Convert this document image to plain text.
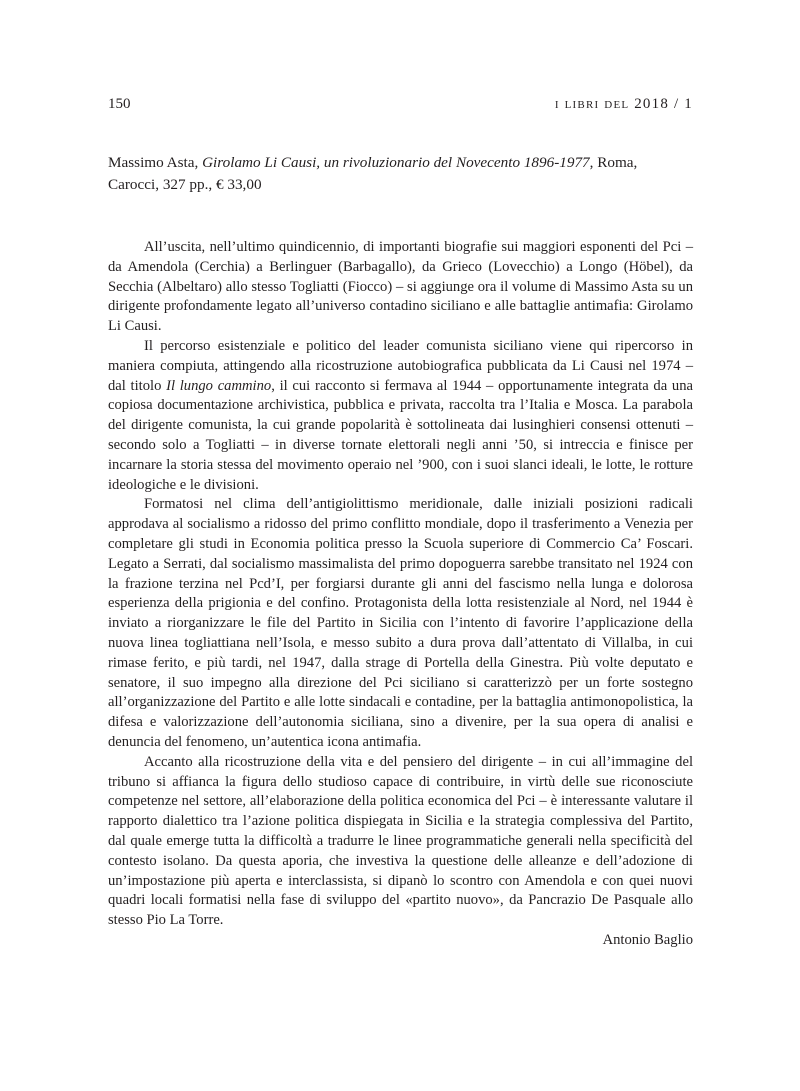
150	i libri del 2018 / 1
Massimo Asta, Girolamo Li Causi, un rivoluzionario del Novecento 1896-1977, Roma,
Carocci, 327 pp., € 33,00

All’uscita, nell’ultimo quindicennio, di importanti biografie sui maggiori esponenti del Pci – da Amendola (Cerchia) a Berlinguer (Barbagallo), da Grieco (Lovecchio) a Longo (Höbel), da Secchia (Albeltaro) allo stesso Togliatti (Fiocco) – si aggiunge ora il volume di Massimo Asta su un dirigente profondamente legato all’universo contadino siciliano e alle battaglie antimafia: Girolamo Li Causi.

Il percorso esistenziale e politico del leader comunista siciliano viene qui ripercorso in maniera compiuta, attingendo alla ricostruzione autobiografica pubblicata da Li Causi nel 1974 – dal titolo Il lungo cammino, il cui racconto si fermava al 1944 – opportunamente integrata da una copiosa documentazione archivistica, pubblica e privata, raccolta tra l’Italia e Mosca. La parabola del dirigente comunista, la cui grande popolarità è sottolineata dai lusinghieri consensi ottenuti – secondo solo a Togliatti – in diverse tornate elettorali negli anni ’50, si intreccia e finisce per incarnare la storia stessa del movimento operaio nel ’900, con i suoi slanci ideali, le lotte, le rotture ideologiche e le divisioni.

Formatosi nel clima dell’antigiolittismo meridionale, dalle iniziali posizioni radicali approdava al socialismo a ridosso del primo conflitto mondiale, dopo il trasferimento a Venezia per completare gli studi in Economia politica presso la Scuola superiore di Commercio Ca’ Foscari. Legato a Serrati, dal socialismo massimalista del primo dopoguerra sarebbe transitato nel 1924 con la frazione terzina nel Pcd’I, per forgiarsi durante gli anni del fascismo nella lunga e dolorosa esperienza della prigionia e del confino. Protagonista della lotta resistenziale al Nord, nel 1944 è inviato a riorganizzare le file del Partito in Sicilia con l’intento di favorire l’applicazione della nuova linea togliattiana nell’Isola, e messo subito a dura prova dall’attentato di Villalba, in cui rimase ferito, e più tardi, nel 1947, dalla strage di Portella della Ginestra. Più volte deputato e senatore, il suo impegno alla direzione del Pci siciliano si caratterizzò per un forte sostegno all’organizzazione del Partito e alle lotte sindacali e contadine, per la battaglia antimonopolistica, la difesa e valorizzazione dell’autonomia siciliana, sino a divenire, per la sua opera di analisi e denuncia del fenomeno, un’autentica icona antimafia.

Accanto alla ricostruzione della vita e del pensiero del dirigente – in cui all’immagine del tribuno si affianca la figura dello studioso capace di contribuire, in virtù delle sue riconosciute competenze nel settore, all’elaborazione della politica economica del Pci – è interessante valutare il rapporto dialettico tra l’azione politica dispiegata in Sicilia e la strategia complessiva del Partito, dal quale emerge tutta la difficoltà a tradurre le linee programmatiche generali nella specificità del contesto isolano. Da questa aporia, che investiva la questione delle alleanze e dell’adozione di un’impostazione più aperta e interclassista, si dipanò lo scontro con Amendola e con quei nuovi quadri locali formatisi nella fase di sviluppo del «partito nuovo», da Pancrazio De Pasquale allo stesso Pio La Torre.

Antonio Baglio
